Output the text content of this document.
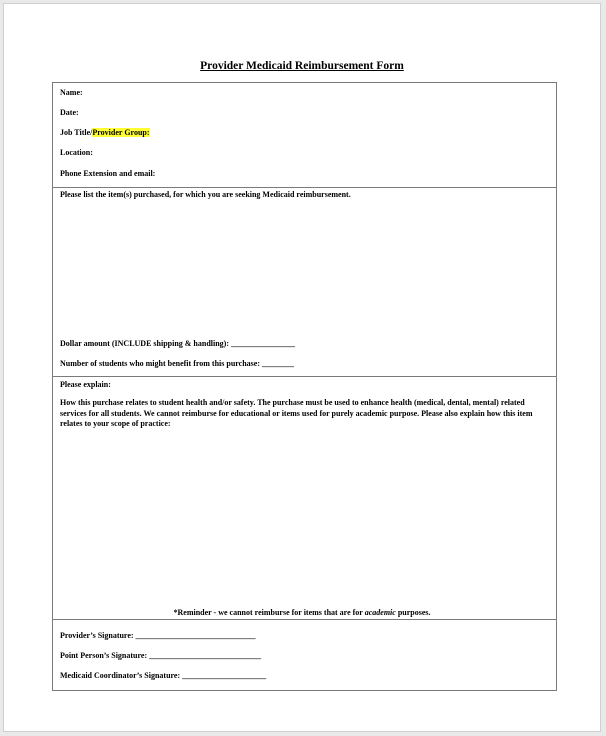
Provider Medicaid Reimbursement Form
Name:
Date:
Job Title/Provider Group:
Location:
Phone Extension and email:
Please list the item(s) purchased, for which you are seeking Medicaid reimbursement.
Dollar amount (INCLUDE shipping & handling): ________________
Number of students who might benefit from this purchase: ________
Please explain:
How this purchase relates to student health and/or safety. The purchase must be used to enhance health (medical, dental, mental) related services for all students. We cannot reimburse for educational or items used for purely academic purpose. Please also explain how this item relates to your scope of practice:
*Reminder - we cannot reimburse for items that are for academic purposes.
Provider’s Signature: ______________________________
Point Person’s Signature: ____________________________
Medicaid Coordinator’s Signature: _____________________
